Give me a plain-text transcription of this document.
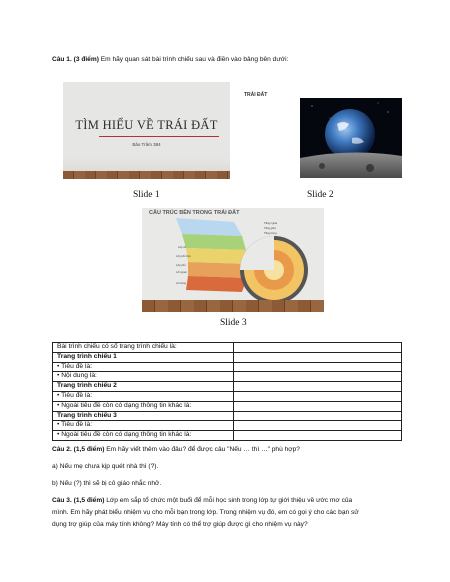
Câu 1. (3 điểm) Em hãy quan sát bài trình chiếu sau và điền vào bảng bên dưới:
TÌM HIỂU VỀ TRÁI ĐẤT
Bảo Trâm 384
Slide 1
TRÁI ĐẤT
Slide 2
CẤU TRÚC BÊN TRONG TRÁI ĐẤT
Lớp vỏ
Lớp phủ trên
Lớp phủ
Lõi ngoài
Lõi trong
Tầng ngoài
Tầng giữa
Tầng trong
Slide 3
Bài trình chiếu có số trang trình chiếu là:	
Trang trình chiếu 1	
• Tiêu đề là:	
• Nội dung là:	
Trang trình chiếu 2	
• Tiêu đề là:	
• Ngoài tiêu đề còn có dạng thông tin khác là:	
Trang trình chiếu 3	
• Tiêu đề là:	
• Ngoài tiêu đề còn có dạng thông tin khác là:	
Câu 2. (1,5 điểm) Em hãy viết thêm vào đâu? để được câu "Nếu … thì …" phù hợp?
a) Nếu mẹ chưa kịp quét nhà thì (?).
b) Nếu (?) thì sẽ bị cô giáo nhắc nhở.
Câu 3. (1,5 điểm) Lớp em sắp tổ chức một buổi để mỗi học sinh trong lớp tự giới thiệu về ước mơ của
mình. Em hãy phát biểu nhiệm vụ cho mỗi bạn trong lớp. Trong nhiệm vụ đó, em có gọi ý cho các bạn sử
dụng trợ giúp của máy tính không? Máy tính có thể trợ giúp được gì cho nhiệm vụ này?
